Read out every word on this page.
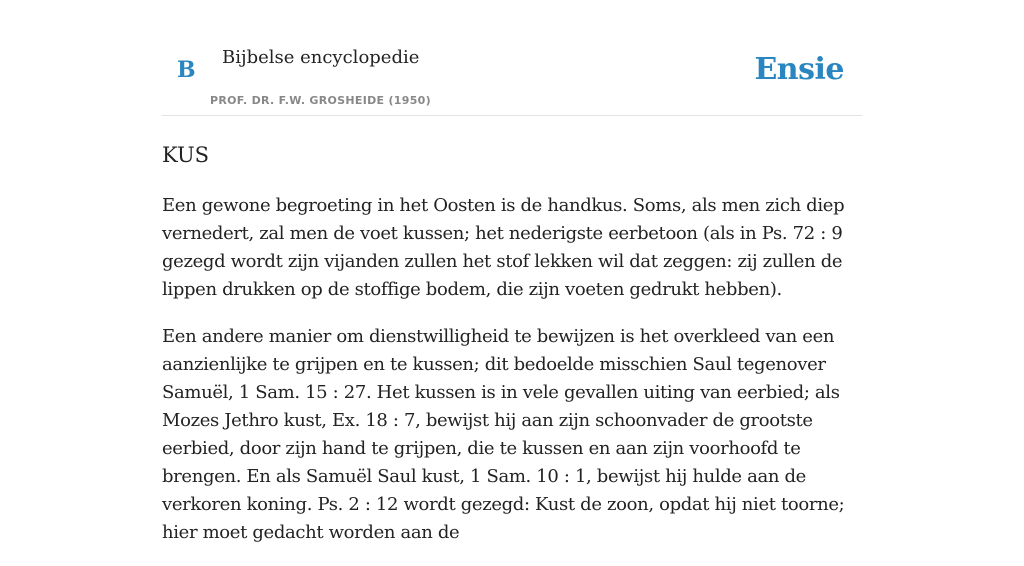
B Bijbelse encyclopedie
PROF. DR. F.W. GROSHEIDE (1950)
Ensie
KUS

Een gewone begroeting in het Oosten is de handkus. Soms, als men zich diep vernedert, zal men de voet kussen; het nederigste eerbetoon (als in Ps. 72 : 9 gezegd wordt zijn vijanden zullen het stof lekken wil dat zeggen: zij zullen de lippen drukken op de stoffige bodem, die zijn voeten gedrukt hebben).

Een andere manier om dienstwilligheid te bewijzen is het overkleed van een aanzienlijke te grijpen en te kussen; dit bedoelde misschien Saul tegenover Samuël, 1 Sam. 15 : 27. Het kussen is in vele gevallen uiting van eerbied; als Mozes Jethro kust, Ex. 18 : 7, bewijst hij aan zijn schoonvader de grootste eerbied, door zijn hand te grijpen, die te kussen en aan zijn voorhoofd te brengen. En als Samuël Saul kust, 1 Sam. 10 : 1, bewijst hij hulde aan de verkoren koning. Ps. 2 : 12 wordt gezegd: Kust de zoon, opdat hij niet toorne; hier moet gedacht worden aan de
